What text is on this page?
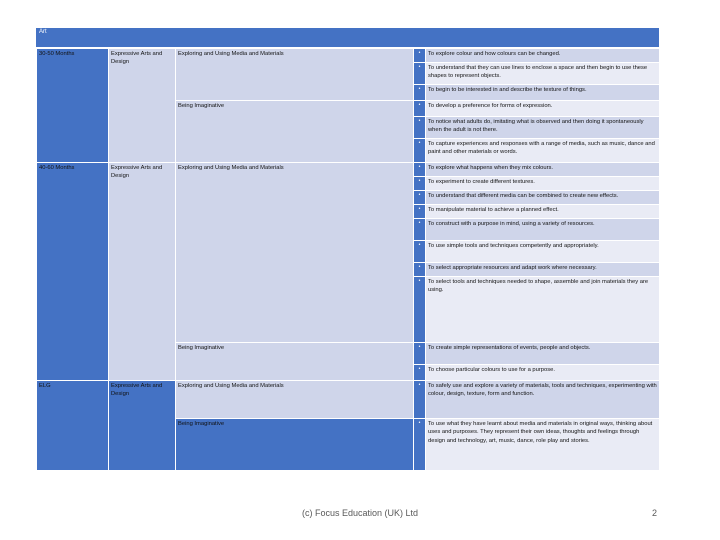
Art
30-50 Months	Expressive Arts and Design	Exploring and Using Media and Materials	•	To explore colour and how colours can be changed.

			•	To understand that they can use lines to enclose a space and then begin to use these shapes to represent objects.

			•	To begin to be interested in and describe the texture of things.
		Being Imaginative	•	To develop a preference for forms of expression.

			•	To notice what adults do, imitating what is observed and then doing it spontaneously when the adult is not there.

			•	To capture experiences and responses with a range of media, such as music, dance and paint and other materials or words.
40-60 Months	Expressive Arts and Design	Exploring and Using Media and Materials	•	To explore what happens when they mix colours.

			•	To experiment to create different textures.

			•	To understand that different media can be combined to create new effects.

			•	To manipulate material to achieve a planned effect.

			•	To construct with a purpose in mind, using a variety of resources.

			•	To use simple tools and techniques competently and appropriately.

			•	To select appropriate resources and adapt work where necessary.

			•	To select tools and techniques needed to shape, assemble and join materials they are using.
		Being Imaginative	•	To create simple representations of events, people and objects.

			•	To choose particular colours to use for a purpose.
ELG	Expressive Arts and Design	Exploring and Using Media and Materials	•	To safely use and explore a variety of materials, tools and techniques, experimenting with colour, design, texture, form and function.
		Being Imaginative	•	To use what they have learnt about media and materials in original ways, thinking about uses and purposes. They represent their own ideas, thoughts and feelings through design and technology, art, music, dance, role play and stories.
(c) Focus Education (UK) Ltd	2
